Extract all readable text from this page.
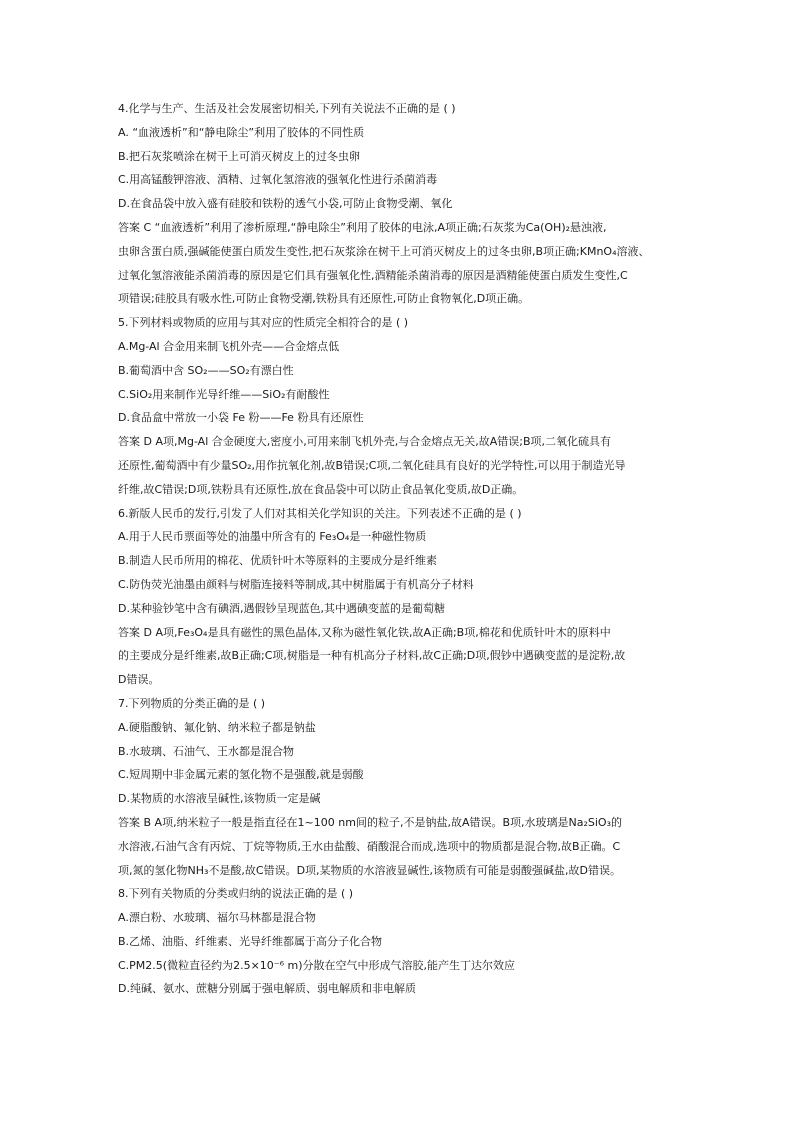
4.化学与生产、生活及社会发展密切相关,下列有关说法不正确的是 ( )
A. “血液透析”和“静电除尘”利用了胶体的不同性质
B.把石灰浆喷涂在树干上可消灭树皮上的过冬虫卵
C.用高锰酸钾溶液、酒精、过氧化氢溶液的强氧化性进行杀菌消毒
D.在食品袋中放入盛有硅胶和铁粉的透气小袋,可防止食物受潮、氧化
答案 C “血液透析”利用了渗析原理,“静电除尘”利用了胶体的电泳,A项正确;石灰浆为Ca(OH)₂悬浊液,
虫卵含蛋白质,强碱能使蛋白质发生变性,把石灰浆涂在树干上可消灭树皮上的过冬虫卵,B项正确;KMnO₄溶液、
过氧化氢溶液能杀菌消毒的原因是它们具有强氧化性,酒精能杀菌消毒的原因是酒精能使蛋白质发生变性,C
项错误;硅胶具有吸水性,可防止食物受潮,铁粉具有还原性,可防止食物氧化,D项正确。
5.下列材料或物质的应用与其对应的性质完全相符合的是 ( )
A.Mg-Al 合金用来制飞机外壳——合金熔点低
B.葡萄酒中含 SO₂——SO₂有漂白性
C.SiO₂用来制作光导纤维——SiO₂有耐酸性
D.食品盒中常放一小袋 Fe 粉——Fe 粉具有还原性
答案 D A项,Mg-Al 合金硬度大,密度小,可用来制飞机外壳,与合金熔点无关,故A错误;B项,二氧化硫具有
还原性,葡萄酒中有少量SO₂,用作抗氧化剂,故B错误;C项,二氧化硅具有良好的光学特性,可以用于制造光导
纤维,故C错误;D项,铁粉具有还原性,放在食品袋中可以防止食品氧化变质,故D正确。
6.新版人民币的发行,引发了人们对其相关化学知识的关注。下列表述不正确的是 ( )
A.用于人民币票面等处的油墨中所含有的 Fe₃O₄是一种磁性物质
B.制造人民币所用的棉花、优质针叶木等原料的主要成分是纤维素
C.防伪荧光油墨由颜料与树脂连接料等制成,其中树脂属于有机高分子材料
D.某种验钞笔中含有碘酒,遇假钞呈现蓝色,其中遇碘变蓝的是葡萄糖
答案 D A项,Fe₃O₄是具有磁性的黑色晶体,又称为磁性氧化铁,故A正确;B项,棉花和优质针叶木的原料中
的主要成分是纤维素,故B正确;C项,树脂是一种有机高分子材料,故C正确;D项,假钞中遇碘变蓝的是淀粉,故
D错误。
7.下列物质的分类正确的是 ( )
A.硬脂酸钠、氟化钠、纳米粒子都是钠盐
B.水玻璃、石油气、王水都是混合物
C.短周期中非金属元素的氢化物不是强酸,就是弱酸
D.某物质的水溶液呈碱性,该物质一定是碱
答案 B A项,纳米粒子一般是指直径在1~100 nm间的粒子,不是钠盐,故A错误。B项,水玻璃是Na₂SiO₃的
水溶液,石油气含有丙烷、丁烷等物质,王水由盐酸、硝酸混合而成,选项中的物质都是混合物,故B正确。C
项,氮的氢化物NH₃不是酸,故C错误。D项,某物质的水溶液显碱性,该物质有可能是弱酸强碱盐,故D错误。
8.下列有关物质的分类或归纳的说法正确的是 ( )
A.漂白粉、水玻璃、福尔马林都是混合物
B.乙烯、油脂、纤维素、光导纤维都属于高分子化合物
C.PM2.5(微粒直径约为2.5×10⁻⁶ m)分散在空气中形成气溶胶,能产生丁达尔效应
D.纯碱、氨水、蔗糖分别属于强电解质、弱电解质和非电解质
